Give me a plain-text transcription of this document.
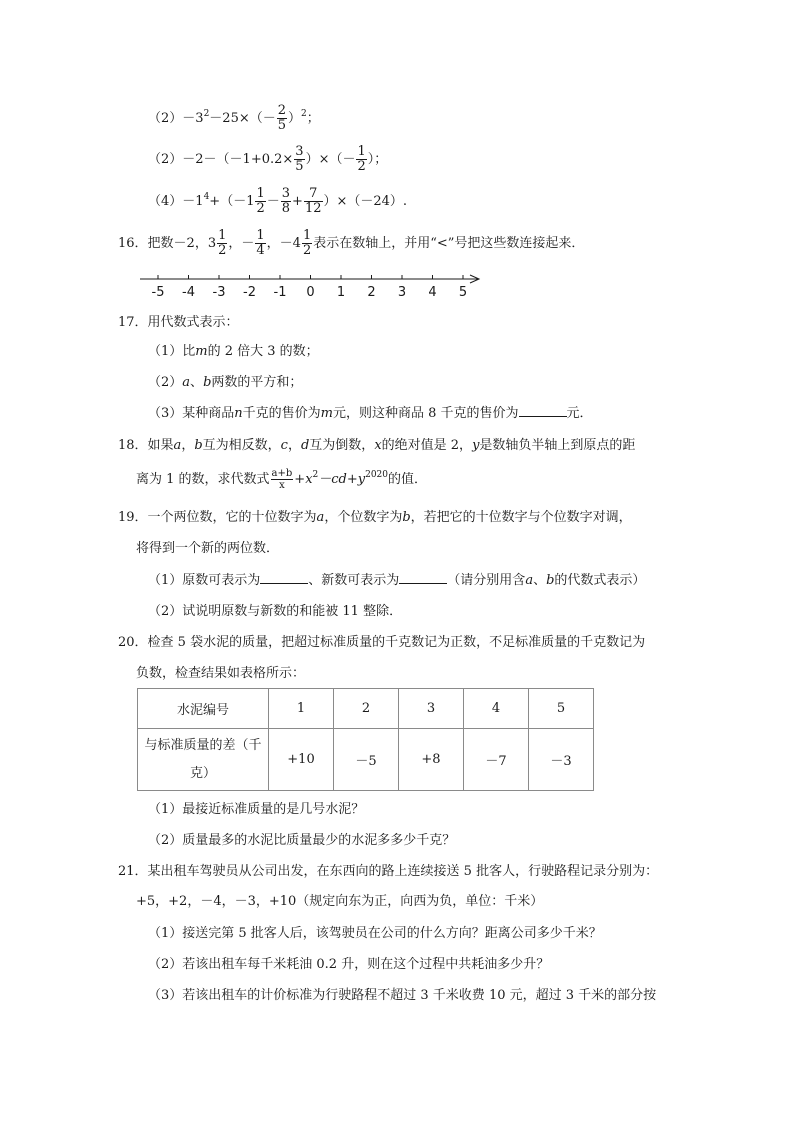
$(2)-3^2-25\times(- \frac{2}{5} )^2$；
$(2)-2-(-1+0.2\times \frac{3}{5}$ ）×（－ $\frac{1}{2}$ ）；
$(4)-1^4+(-1 \frac{1}{2} - \frac{3}{8} + \frac{7}{12} )\times(-24)$.
16．把数－2，$3 \frac{1}{2}$ ，－ $\frac{1}{4}$ ，$-4 \frac{1}{2}$ 表示在数轴上，并用“<”号把这些数连接起来．
-5 -4 -3 -2 -1 0 1 2 3 4 5
17．用代数式表示：
（1）比m的 2 倍大 3 的数；
（2）a、b两数的平方和；
（3）某种商品n千克的售价为m元，则这种商品 8 千克的售价为	元．
18．如果a，b互为相反数，c，d互为倒数，x的绝对值是 2，y是数轴负半轴上到原点的距
离为 1 的数，求代数式 $\frac{a+b}{x} +x^2-cd+y^{2020}$的值．
19．一个两位数，它的十位数字为a，个位数字为b，若把它的十位数字与个位数字对调，
将得到一个新的两位数．
（1）原数可表示为	、新数可表示为	（请分别用含a、b的代数式表示）
（2）试说明原数与新数的和能被 11 整除．
20．检查 5 袋水泥的质量，把超过标准质量的千克数记为正数，不足标准质量的千克数记为
负数，检查结果如表格所示：
水泥编号	1	2	3	4	5
与标准质量的差（千
克）	+10	－5	+8	－7	－3
（1）最接近标准质量的是几号水泥？
（2）质量最多的水泥比质量最少的水泥多多少千克？
21．某出租车驾驶员从公司出发，在东西向的路上连续接送 5 批客人，行驶路程记录分别为：
+5，+2，－4，－3，+10（规定向东为正，向西为负，单位：千米）
（1）接送完第 5 批客人后，该驾驶员在公司的什么方向？距离公司多少千米？
（2）若该出租车每千米耗油 0.2 升，则在这个过程中共耗油多少升？
（3）若该出租车的计价标准为行驶路程不超过 3 千米收费 10 元，超过 3 千米的部分按
